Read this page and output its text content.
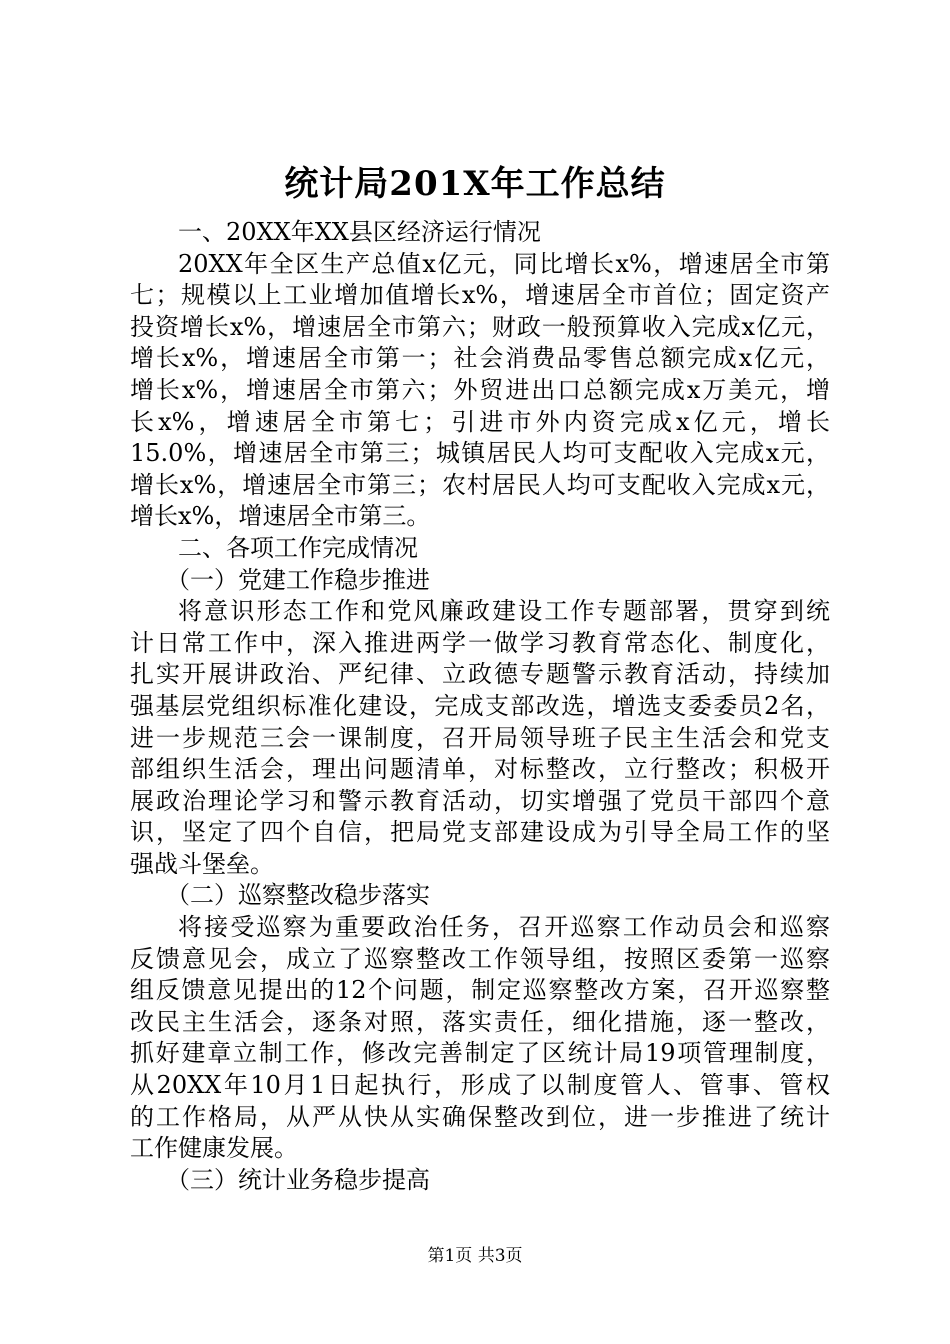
统计局201X年工作总结
一、20XX年XX县区经济运行情况
20XX年全区生产总值x亿元，同比增长x%，增速居全市第
七；规模以上工业增加值增长x%，增速居全市首位；固定资产
投资增长x%，增速居全市第六；财政一般预算收入完成x亿元，
增长x%，增速居全市第一；社会消费品零售总额完成x亿元，
增长x%，增速居全市第六；外贸进出口总额完成x万美元，增
长x%，增速居全市第七；引进市外内资完成x亿元，增长
15.0%，增速居全市第三；城镇居民人均可支配收入完成x元，
增长x%，增速居全市第三；农村居民人均可支配收入完成x元，
增长x%，增速居全市第三。
二、各项工作完成情况
（一）党建工作稳步推进
将意识形态工作和党风廉政建设工作专题部署，贯穿到统
计日常工作中，深入推进两学一做学习教育常态化、制度化，
扎实开展讲政治、严纪律、立政德专题警示教育活动，持续加
强基层党组织标准化建设，完成支部改选，增选支委委员2名，
进一步规范三会一课制度，召开局领导班子民主生活会和党支
部组织生活会，理出问题清单，对标整改，立行整改；积极开
展政治理论学习和警示教育活动，切实增强了党员干部四个意
识，坚定了四个自信，把局党支部建设成为引导全局工作的坚
强战斗堡垒。
（二）巡察整改稳步落实
将接受巡察为重要政治任务，召开巡察工作动员会和巡察
反馈意见会，成立了巡察整改工作领导组，按照区委第一巡察
组反馈意见提出的12个问题，制定巡察整改方案，召开巡察整
改民主生活会，逐条对照，落实责任，细化措施，逐一整改，
抓好建章立制工作，修改完善制定了区统计局19项管理制度，
从20XX年10月1日起执行，形成了以制度管人、管事、管权
的工作格局，从严从快从实确保整改到位，进一步推进了统计
工作健康发展。
（三）统计业务稳步提高
第1页 共3页
